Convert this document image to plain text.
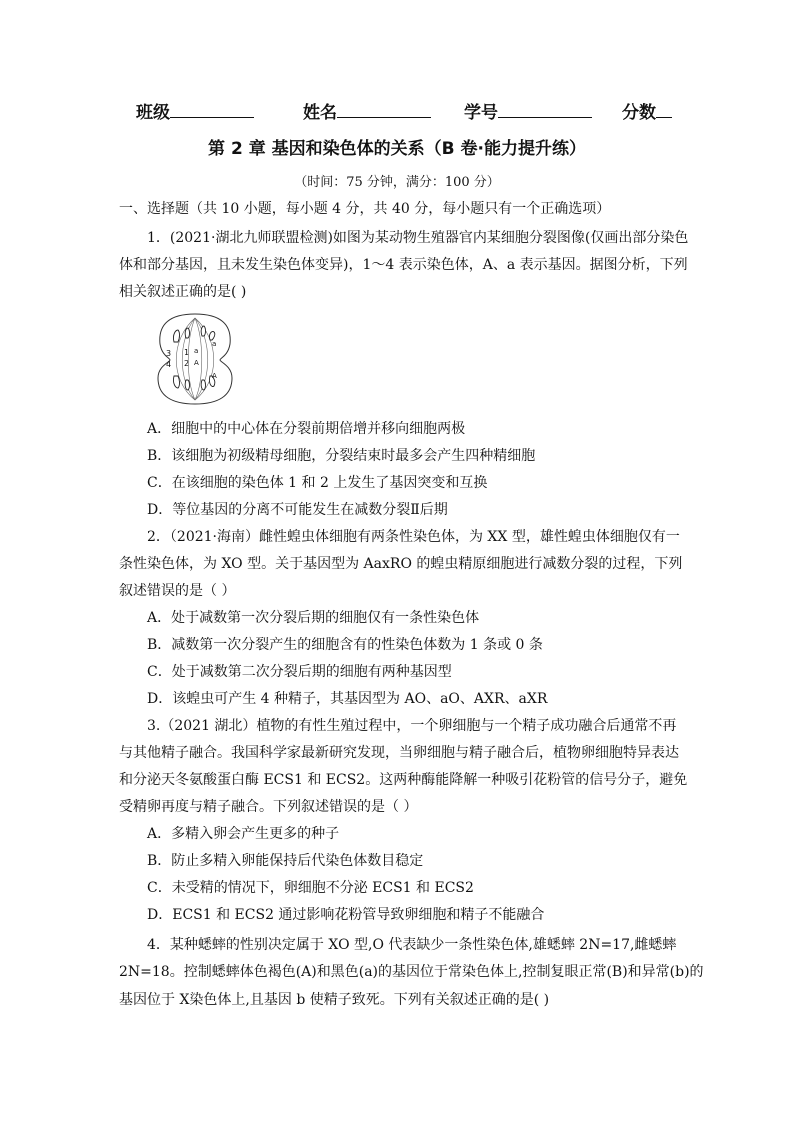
班级	姓名	学号	分数
第 2 章 基因和染色体的关系（B 卷·能力提升练）
（时间：75 分钟，满分：100 分）
一、选择题（共 10 小题，每小题 4 分，共 40 分，每小题只有一个正确选项）
1．(2021·湖北九师联盟检测)如图为某动物生殖器官内某细胞分裂图像(仅画出部分染色
体和部分基因，且未发生染色体变异)，1～4 表示染色体，A、a 表示基因。据图分析，下列
相关叙述正确的是( )
3
4
1
2
a
a
A
A
A．细胞中的中心体在分裂前期倍增并移向细胞两极
B．该细胞为初级精母细胞，分裂结束时最多会产生四种精细胞
C．在该细胞的染色体 1 和 2 上发生了基因突变和互换
D．等位基因的分离不可能发生在减数分裂Ⅱ后期
2．（2021·海南）雌性蝗虫体细胞有两条性染色体，为 XX 型，雄性蝗虫体细胞仅有一
条性染色体，为 XO 型。关于基因型为 AaxRO 的蝗虫精原细胞进行减数分裂的过程，下列
叙述错误的是（ ）
A．处于减数第一次分裂后期的细胞仅有一条性染色体
B．减数第一次分裂产生的细胞含有的性染色体数为 1 条或 0 条
C．处于减数第二次分裂后期的细胞有两种基因型
D．该蝗虫可产生 4 种精子，其基因型为 AO、aO、AXR、aXR
3.（2021 湖北）植物的有性生殖过程中，一个卵细胞与一个精子成功融合后通常不再
与其他精子融合。我国科学家最新研究发现，当卵细胞与精子融合后，植物卵细胞特异表达
和分泌天冬氨酸蛋白酶 ECS1 和 ECS2。这两种酶能降解一种吸引花粉管的信号分子，避免
受精卵再度与精子融合。下列叙述错误的是（ ）
A．多精入卵会产生更多的种子
B．防止多精入卵能保持后代染色体数目稳定
C．未受精的情况下，卵细胞不分泌 ECS1 和 ECS2
D．ECS1 和 ECS2 通过影响花粉管导致卵细胞和精子不能融合
4．某种蟋蟀的性别决定属于 XO 型,O 代表缺少一条性染色体,雄蟋蟀 2N=17,雌蟋蟀
2N=18。控制蟋蟀体色褐色(A)和黑色(a)的基因位于常染色体上,控制复眼正常(B)和异常(b)的
基因位于 X染色体上,且基因 b 使精子致死。下列有关叙述正确的是( )
